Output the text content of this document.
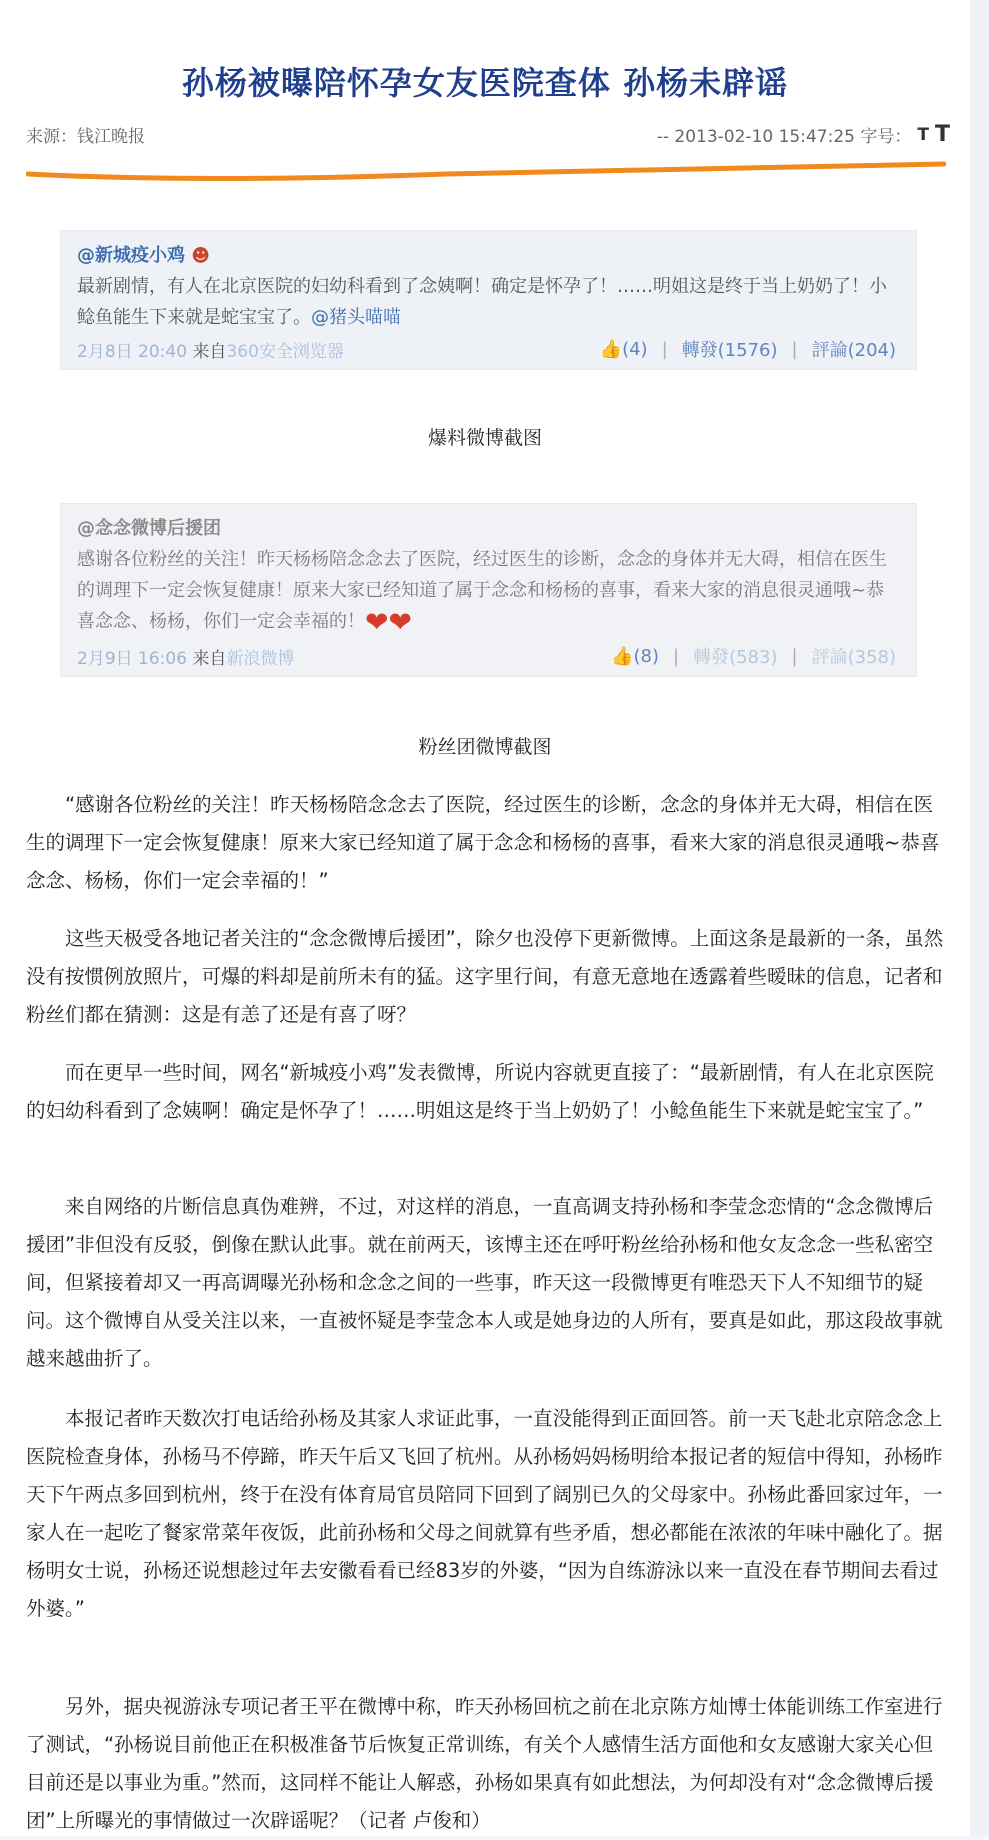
孙杨被曝陪怀孕女友医院查体 孙杨未辟谣
来源：钱江晚报	-- 2013-02-10 15:47:25 字号： T T
@新城疫小鸡 ☻
最新剧情，有人在北京医院的妇幼科看到了念姨啊！确定是怀孕了！……明姐这是终于当上奶奶了！小鲶鱼能生下来就是蛇宝宝了。@猪头喵喵
2月8日 20:40 来自360安全浏览器	👍(4) | 轉發(1576) | 評論(204)
爆料微博截图
@念念微博后援团
感谢各位粉丝的关注！昨天杨杨陪念念去了医院，经过医生的诊断，念念的身体并无大碍，相信在医生的调理下一定会恢复健康！原来大家已经知道了属于念念和杨杨的喜事，看来大家的消息很灵通哦~恭喜念念、杨杨，你们一定会幸福的！❤❤
2月9日 16:06 来自新浪微博	👍(8) | 轉發(583) | 評論(358)
粉丝团微博截图
“感谢各位粉丝的关注！昨天杨杨陪念念去了医院，经过医生的诊断，念念的身体并无大碍，相信在医生的调理下一定会恢复健康！原来大家已经知道了属于念念和杨杨的喜事，看来大家的消息很灵通哦~恭喜念念、杨杨，你们一定会幸福的！”
这些天极受各地记者关注的“念念微博后援团”，除夕也没停下更新微博。上面这条是最新的一条，虽然没有按惯例放照片，可爆的料却是前所未有的猛。这字里行间，有意无意地在透露着些暧昧的信息，记者和粉丝们都在猜测：这是有恙了还是有喜了呀？
而在更早一些时间，网名“新城疫小鸡”发表微博，所说内容就更直接了：“最新剧情，有人在北京医院的妇幼科看到了念姨啊！确定是怀孕了！……明姐这是终于当上奶奶了！小鲶鱼能生下来就是蛇宝宝了。”
来自网络的片断信息真伪难辨，不过，对这样的消息，一直高调支持孙杨和李莹念恋情的“念念微博后援团”非但没有反驳，倒像在默认此事。就在前两天，该博主还在呼吁粉丝给孙杨和他女友念念一些私密空间，但紧接着却又一再高调曝光孙杨和念念之间的一些事，昨天这一段微博更有唯恐天下人不知细节的疑问。这个微博自从受关注以来，一直被怀疑是李莹念本人或是她身边的人所有，要真是如此，那这段故事就越来越曲折了。
本报记者昨天数次打电话给孙杨及其家人求证此事，一直没能得到正面回答。前一天飞赴北京陪念念上医院检查身体，孙杨马不停蹄，昨天午后又飞回了杭州。从孙杨妈妈杨明给本报记者的短信中得知，孙杨昨天下午两点多回到杭州，终于在没有体育局官员陪同下回到了阔别已久的父母家中。孙杨此番回家过年，一家人在一起吃了餐家常菜年夜饭，此前孙杨和父母之间就算有些矛盾，想必都能在浓浓的年味中融化了。据杨明女士说，孙杨还说想趁过年去安徽看看已经83岁的外婆，“因为自练游泳以来一直没在春节期间去看过外婆。”
另外，据央视游泳专项记者王平在微博中称，昨天孙杨回杭之前在北京陈方灿博士体能训练工作室进行了测试，“孙杨说目前他正在积极准备节后恢复正常训练，有关个人感情生活方面他和女友感谢大家关心但目前还是以事业为重。”然而，这同样不能让人解惑，孙杨如果真有如此想法，为何却没有对“念念微博后援团”上所曝光的事情做过一次辟谣呢？（记者 卢俊和）
